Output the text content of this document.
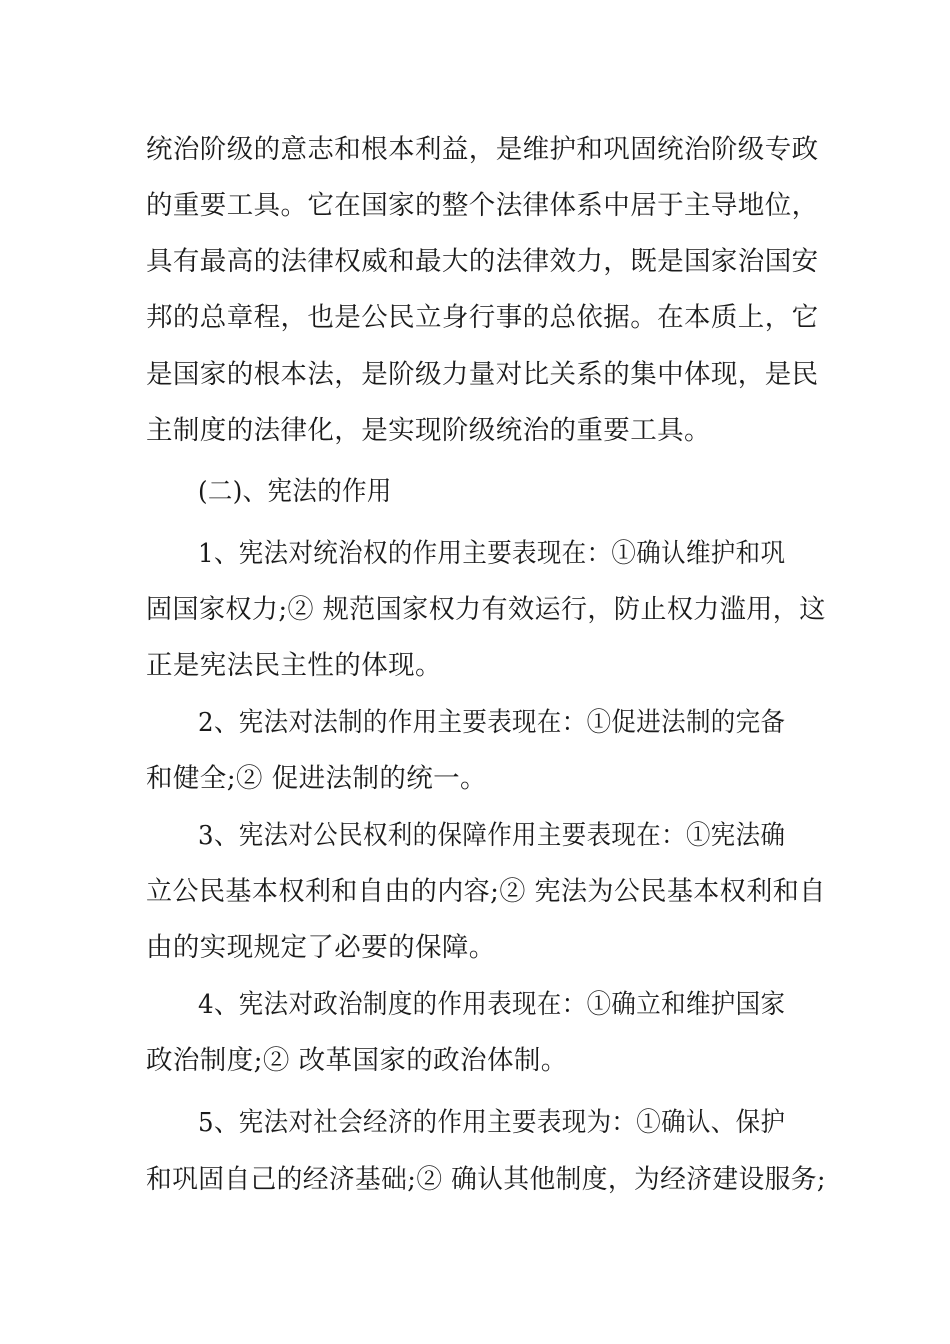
统治阶级的意志和根本利益，是维护和巩固统治阶级专政
的重要工具。它在国家的整个法律体系中居于主导地位，
具有最高的法律权威和最大的法律效力，既是国家治国安
邦的总章程，也是公民立身行事的总依据。在本质上，它
是国家的根本法，是阶级力量对比关系的集中体现，是民
主制度的法律化，是实现阶级统治的重要工具。
(二)、宪法的作用
1、宪法对统治权的作用主要表现在：①确认维护和巩
固国家权力;② 规范国家权力有效运行，防止权力滥用，这
正是宪法民主性的体现。
2、宪法对法制的作用主要表现在：①促进法制的完备
和健全;② 促进法制的统一。
3、宪法对公民权利的保障作用主要表现在：①宪法确
立公民基本权利和自由的内容;② 宪法为公民基本权利和自
由的实现规定了必要的保障。
4、宪法对政治制度的作用表现在：①确立和维护国家
政治制度;② 改革国家的政治体制。
5、宪法对社会经济的作用主要表现为：①确认、保护
和巩固自己的经济基础;② 确认其他制度，为经济建设服务;
